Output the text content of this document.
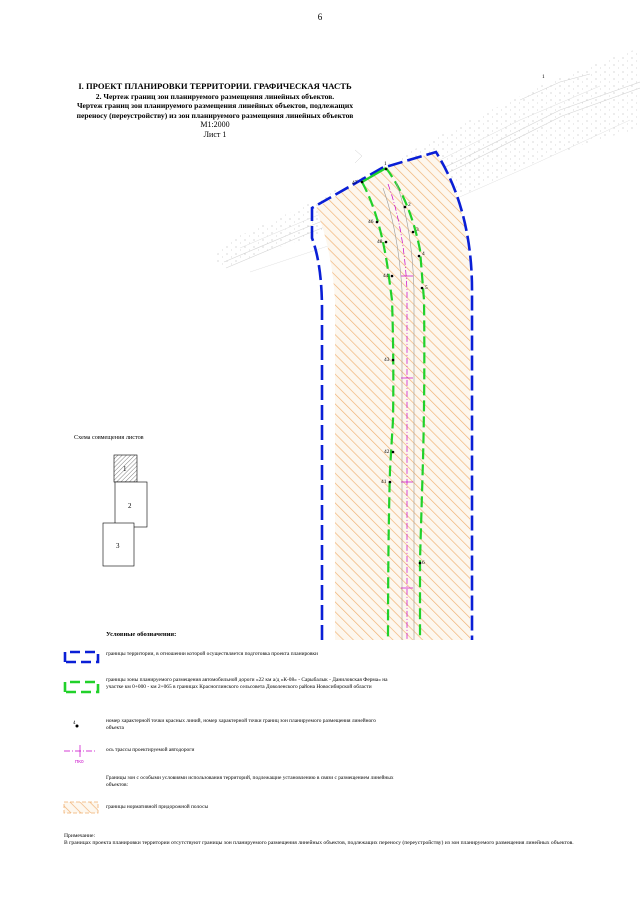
6
I. ПРОЕКТ ПЛАНИРОВКИ ТЕРРИТОРИИ. ГРАФИЧЕСКАЯ ЧАСТЬ
2. Чертеж границ зон планируемого размещения линейных объектов.
Чертеж границ зон планируемого размещения линейных объектов, подлежащих
переносу (переустройству) из зон планируемого размещения линейных объектов
М1:2000
Лист 1
1
2
3
4
5
47
46
48
44
43
42
41
6
1
1
2
3
4
ПК0
Схема совмещения листов
Условные обозначения:
границы территории, в отношении которой осуществляется подготовка проекта планировки
границы зоны планируемого размещения автомобильной дороги «22 км а/д «К-08» - Сарыбалык - Даниловская Ферма» на участке км 0+000 - км 2+065 в границах Красноглинского сельсовета Доволенского района Новосибирской области
номер характерной точки красных линий, номер характерной точки границ зон планируемого размещения линейного объекта
ось трассы проектируемой автодороги
Границы зон с особыми условиями использования территорий, подлежащие установлению в связи с размещением линейных объектов:
границы нормативной придорожной полосы
Примечание:
В границах проекта планировки территории отсутствуют границы зон планируемого размещения линейных объектов, подлежащих переносу (переустройству) из зон планируемого размещения линейных объектов.
